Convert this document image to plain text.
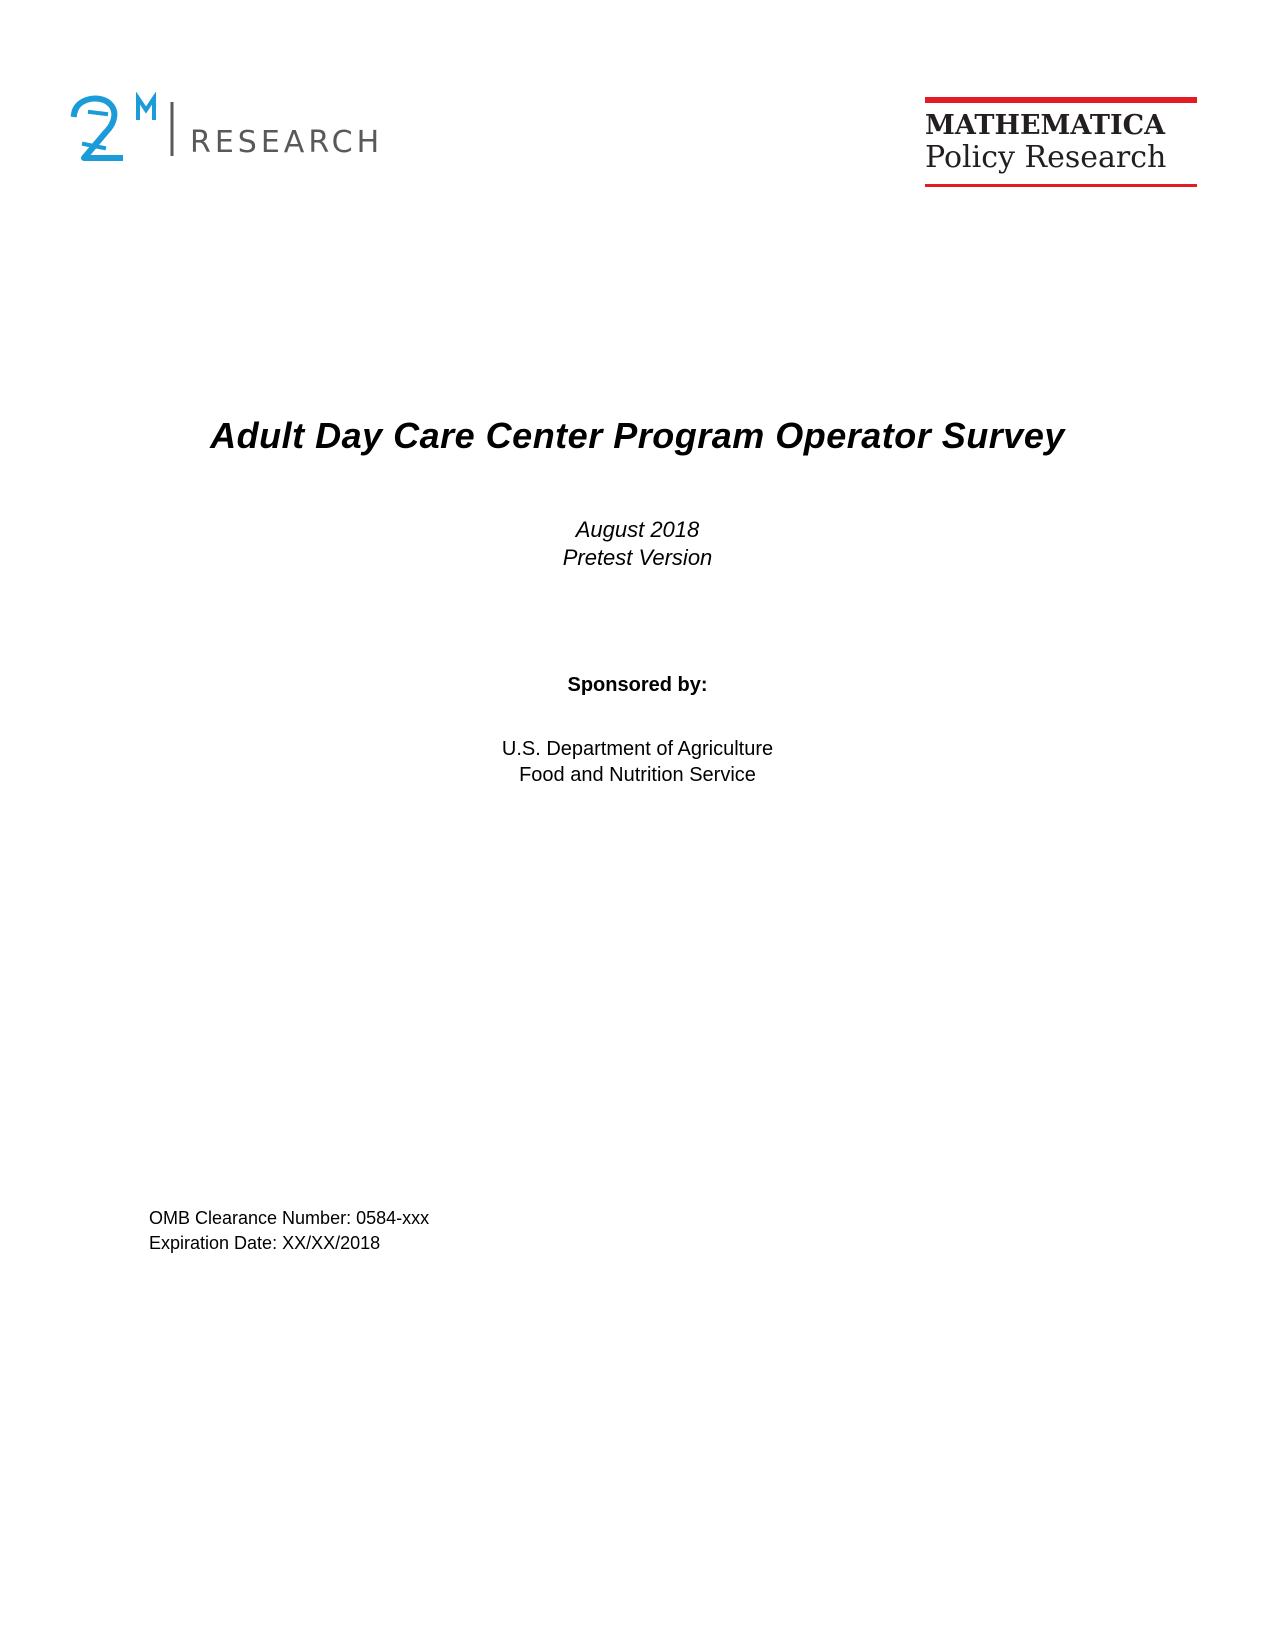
RESEARCH	MATHEMATICA
Policy Research
Adult Day Care Center Program Operator Survey
August 2018
Pretest Version
Sponsored by:
U.S. Department of Agriculture
Food and Nutrition Service
OMB Clearance Number: 0584-xxx
Expiration Date: XX/XX/2018
